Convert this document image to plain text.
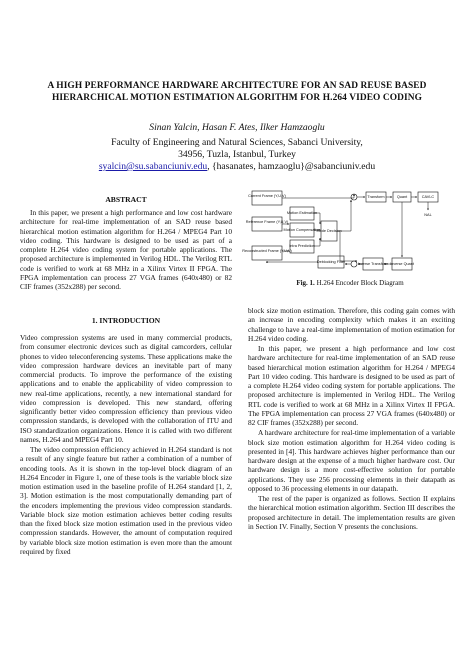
A HIGH PERFORMANCE HARDWARE ARCHITECTURE FOR AN SAD REUSE BASED
HIERARCHICAL MOTION ESTIMATION ALGORITHM FOR H.264 VIDEO CODING
Sinan Yalcin, Hasan F. Ates, Ilker Hamzaoglu
Faculty of Engineering and Natural Sciences, Sabanci University,
34956, Tuzla, Istanbul, Turkey
syalcin@su.sabanciuniv.edu, {hasanates, hamzaoglu}@sabanciuniv.edu
ABSTRACT

In this paper, we present a high performance and low cost hardware architecture for real-time implementation of an SAD reuse based hierarchical motion estimation algorithm for H.264 / MPEG4 Part 10 video coding. This hardware is designed to be used as part of a complete H.264 video coding system for portable applications. The proposed architecture is implemented in Verilog HDL. The Verilog RTL code is verified to work at 68 MHz in a Xilinx Virtex II FPGA. The FPGA implementation can process 27 VGA frames (640x480) or 82 CIF frames (352x288) per second.

1. INTRODUCTION

Video compression systems are used in many commercial products, from consumer electronic devices such as digital camcorders, cellular phones to video teleconferencing systems. These applications make the video compression hardware devices an inevitable part of many commercial products. To improve the performance of the existing applications and to enable the applicability of video compression to new real-time applications, recently, a new international standard for video compression is developed. This new standard, offering significantly better video compression efficiency than previous video compression standards, is developed with the collaboration of ITU and ISO standardization organizations. Hence it is called with two different names, H.264 and MPEG4 Part 10.

The video compression efficiency achieved in H.264 standard is not a result of any single feature but rather a combination of a number of encoding tools. As it is shown in the top-level block diagram of an H.264 Encoder in Figure 1, one of these tools is the variable block size motion estimation used in the baseline profile of H.264 standard [1, 2, 3]. Motion estimation is the most computationally demanding part of the encoders implementing the previous video compression standards. Variable block size motion estimation achieves better coding results than the fixed block size motion estimation used in the previous video compression standards. However, the amount of computation required by variable block size motion estimation is even more than the amount required by fixed

Current Frame (Y,U,V)
Reference Frame (Y,U,V)
Reconstructed Frame (Y,U,V)
Motion Estimation
Motion Compensation
Intra Prediction
Mode Decision
Deblocking Filter
Transform	Quant	CAVLC
NAL
Inverse Transform Inverse Quant
Fig. 1. H.264 Encoder Block Diagram

block size motion estimation. Therefore, this coding gain comes with an increase in encoding complexity which makes it an exciting challenge to have a real-time implementation of motion estimation for H.264 video coding.

In this paper, we present a high performance and low cost hardware architecture for real-time implementation of an SAD reuse based hierarchical motion estimation algorithm for H.264 / MPEG4 Part 10 video coding. This hardware is designed to be used as part of a complete H.264 video coding system for portable applications. The proposed architecture is implemented in Verilog HDL. The Verilog RTL code is verified to work at 68 MHz in a Xilinx Virtex II FPGA. The FPGA implementation can process 27 VGA frames (640x480) or 82 CIF frames (352x288) per second.

A hardware architecture for real-time implementation of a variable block size motion estimation algorithm for H.264 video coding is presented in [4]. This hardware achieves higher performance than our hardware design at the expense of a much higher hardware cost. Our hardware design is a more cost-effective solution for portable applications. They use 256 processing elements in their datapath as opposed to 36 processing elements in our datapath.

The rest of the paper is organized as follows. Section II explains the hierarchical motion estimation algorithm. Section III describes the proposed architecture in detail. The implementation results are given in Section IV. Finally, Section V presents the conclusions.
